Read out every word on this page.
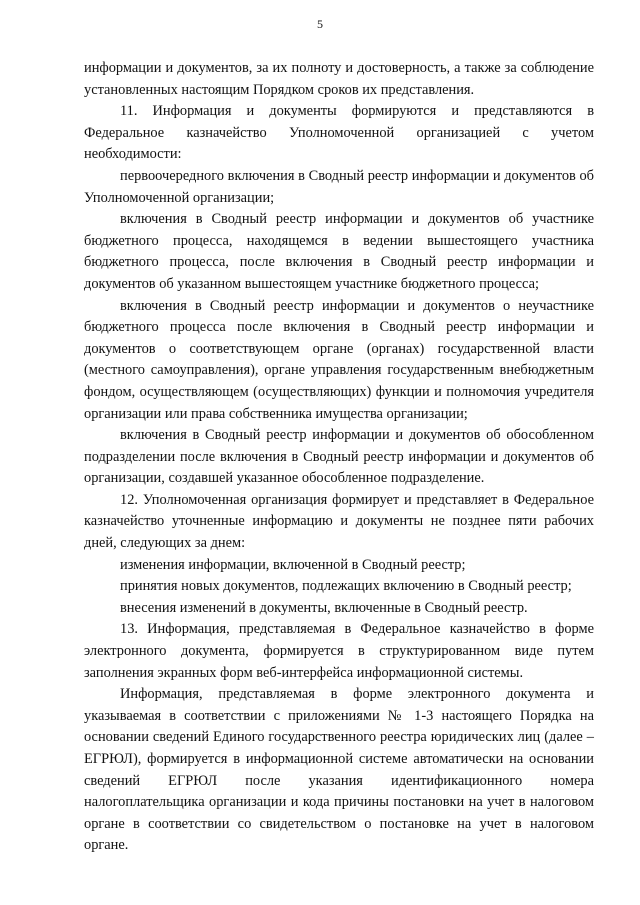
5

информации и документов, за их полноту и достоверность, а также за соблюдение установленных настоящим Порядком сроков их представления.

11. Информация и документы формируются и представляются в Федеральное казначейство Уполномоченной организацией с учетом необходимости:

первоочередного включения в Сводный реестр информации и документов об Уполномоченной организации;

включения в Сводный реестр информации и документов об участнике бюджетного процесса, находящемся в ведении вышестоящего участника бюджетного процесса, после включения в Сводный реестр информации и документов об указанном вышестоящем участнике бюджетного процесса;

включения в Сводный реестр информации и документов о неучастнике бюджетного процесса после включения в Сводный реестр информации и документов о соответствующем органе (органах) государственной власти (местного самоуправления), органе управления государственным внебюджетным фондом, осуществляющем (осуществляющих) функции и полномочия учредителя организации или права собственника имущества организации;

включения в Сводный реестр информации и документов об обособленном подразделении после включения в Сводный реестр информации и документов об организации, создавшей указанное обособленное подразделение.

12. Уполномоченная организация формирует и представляет в Федеральное казначейство уточненные информацию и документы не позднее пяти рабочих дней, следующих за днем:

изменения информации, включенной в Сводный реестр;

принятия новых документов, подлежащих включению в Сводный реестр;

внесения изменений в документы, включенные в Сводный реестр.

13. Информация, представляемая в Федеральное казначейство в форме электронного документа, формируется в структурированном виде путем заполнения экранных форм веб-интерфейса информационной системы.

Информация, представляемая в форме электронного документа и указываемая в соответствии с приложениями № 1-3 настоящего Порядка на основании сведений Единого государственного реестра юридических лиц (далее – ЕГРЮЛ), формируется в информационной системе автоматически на основании сведений ЕГРЮЛ после указания идентификационного номера налогоплательщика организации и кода причины постановки на учет в налоговом органе в соответствии со свидетельством о постановке на учет в налоговом органе.
